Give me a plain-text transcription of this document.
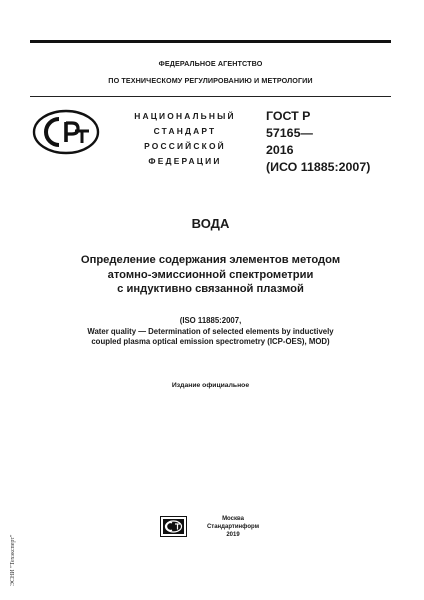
ФЕДЕРАЛЬНОЕ АГЕНТСТВО
ПО ТЕХНИЧЕСКОМУ РЕГУЛИРОВАНИЮ И МЕТРОЛОГИИ
НАЦИОНАЛЬНЫЙ
СТАНДАРТ
РОССИЙСКОЙ
ФЕДЕРАЦИИ
ГОСТ Р
57165—
2016
(ИСО 11885:2007)
ВОДА
Определение содержания элементов методом
атомно-эмиссионной спектрометрии
с индуктивно связанной плазмой
(ISO 11885:2007,
Water quality — Determination of selected elements by inductively
coupled plasma optical emission spectrometry (ICP-OES), MOD)
Издание официальное
Москва
Стандартинформ
2019
ЭСНИ "Техэксперт"
